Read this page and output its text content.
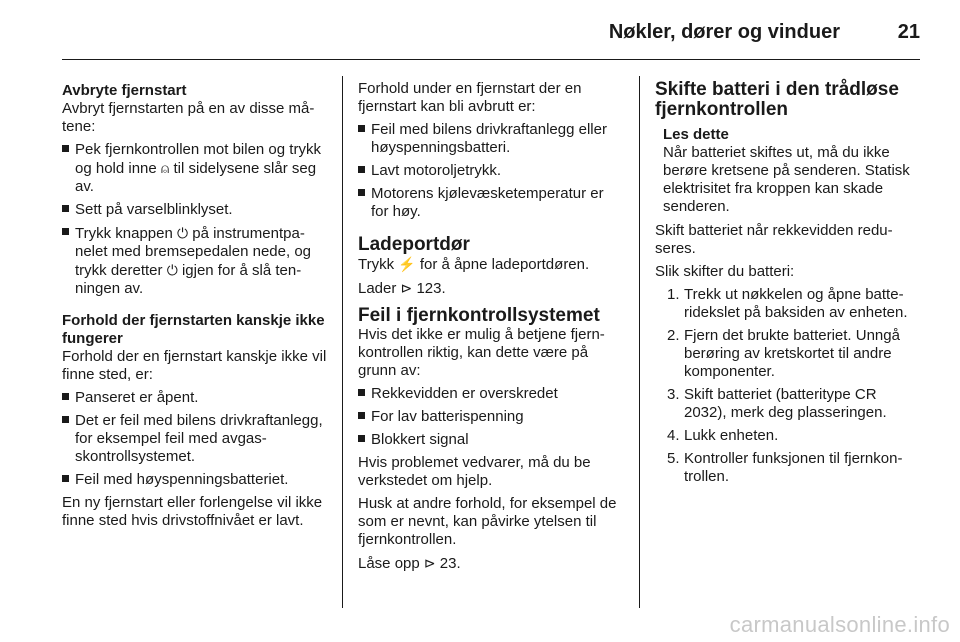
Nøkler, dører og vinduer	21
Avbryte fjernstart

Avbryt fjernstarten på en av disse måtene:

Pek fjernkontrollen mot bilen og trykk og hold inne ⍝ til sidelysene slår seg av.
Sett på varselblinklyset.
Trykk knappen ⏻ på instrumentpanelet med bremsepedalen nede, og trykk deretter ⏻ igjen for å slå tenningen av.
Forhold der fjernstarten kanskje ikke fungerer

Forhold der en fjernstart kanskje ikke vil finne sted, er:

Panseret er åpent.
Det er feil med bilens drivkraftanlegg, for eksempel feil med avgasskontrollsystemet.
Feil med høyspenningsbatteriet.

En ny fjernstart eller forlengelse vil ikke finne sted hvis drivstoffnivået er lavt.

Forhold under en fjernstart der en fjernstart kan bli avbrutt er:

Feil med bilens drivkraftanlegg eller høyspenningsbatteri.
Lavt motoroljetrykk.
Motorens kjølevæsketemperatur er for høy.
Ladeportdør

Trykk ⚡ for å åpne ladeportdøren.

Lader ⊳ 123.

Feil i fjernkontrollsystemet

Hvis det ikke er mulig å betjene fjernkontrollen riktig, kan dette være på grunn av:

Rekkevidden er overskredet
For lav batterispenning
Blokkert signal

Hvis problemet vedvarer, må du be verkstedet om hjelp.

Husk at andre forhold, for eksempel de som er nevnt, kan påvirke ytelsen til fjernkontrollen.

Låse opp ⊳ 23.

Skifte batteri i den trådløse fjernkontrollen
Les dette
Når batteriet skiftes ut, må du ikke berøre kretsene på senderen. Statisk elektrisitet fra kroppen kan skade senderen.

Skift batteriet når rekkevidden reduseres.

Slik skifter du batteri:

1. Trekk ut nøkkelen og åpne batteridekslet på baksiden av enheten.
2. Fjern det brukte batteriet. Unngå berøring av kretskortet til andre komponenter.
3. Skift batteriet (batteritype CR 2032), merk deg plasseringen.
4. Lukk enheten.
5. Kontroller funksjonen til fjernkontrollen.
carmanualsonline.info
